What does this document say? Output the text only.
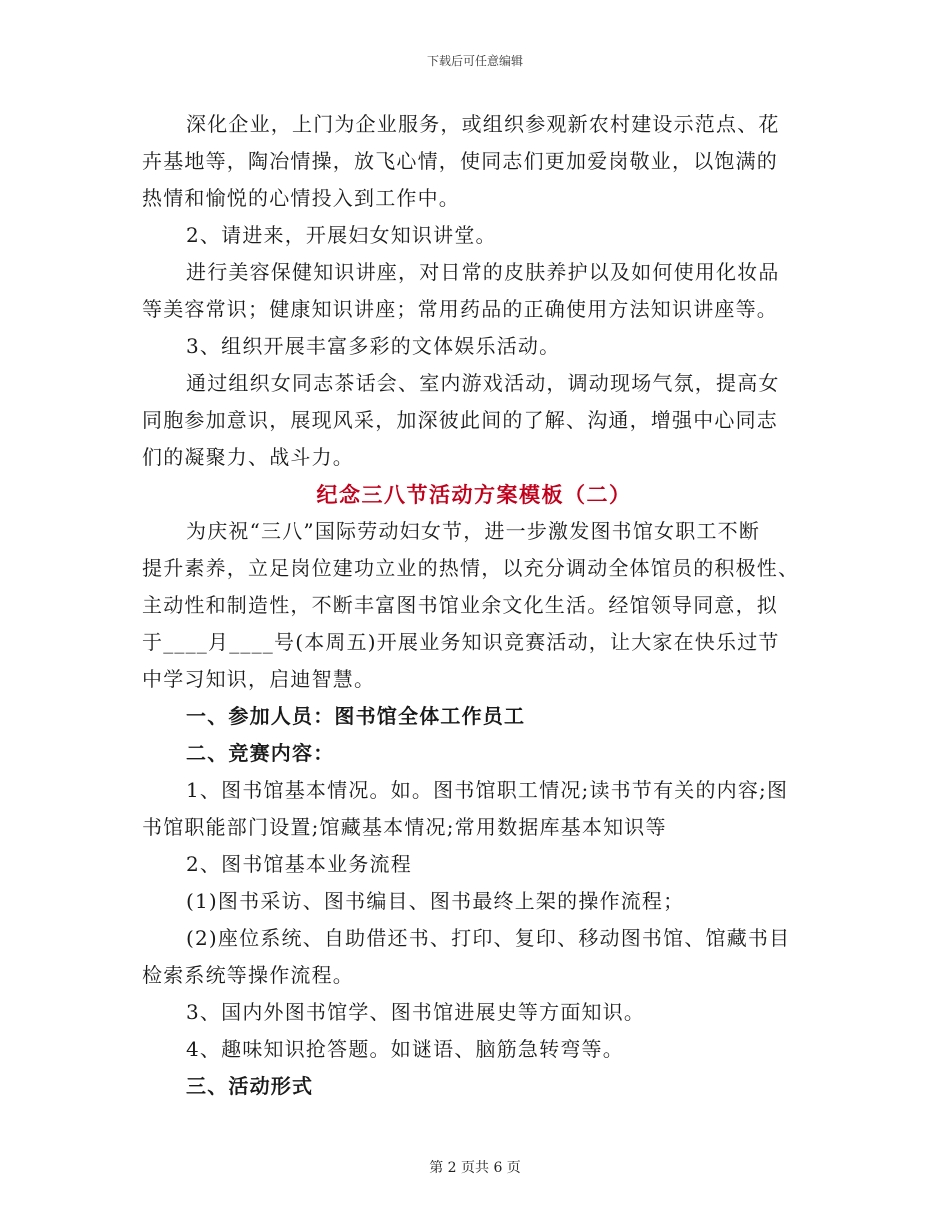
下载后可任意编辑
深化企业，上门为企业服务，或组织参观新农村建设示范点、花
卉基地等，陶冶情操，放飞心情，使同志们更加爱岗敬业，以饱满的
热情和愉悦的心情投入到工作中。
2、请进来，开展妇女知识讲堂。
进行美容保健知识讲座，对日常的皮肤养护以及如何使用化妆品
等美容常识；健康知识讲座；常用药品的正确使用方法知识讲座等。
3、组织开展丰富多彩的文体娱乐活动。
通过组织女同志茶话会、室内游戏活动，调动现场气氛，提高女
同胞参加意识，展现风采，加深彼此间的了解、沟通，增强中心同志
们的凝聚力、战斗力。
纪念三八节活动方案模板（二）
为庆祝“三八”国际劳动妇女节，进一步激发图书馆女职工不断
提升素养，立足岗位建功立业的热情，以充分调动全体馆员的积极性、
主动性和制造性，不断丰富图书馆业余文化生活。经馆领导同意，拟
于____月____号(本周五)开展业务知识竞赛活动，让大家在快乐过节
中学习知识，启迪智慧。
一、参加人员：图书馆全体工作员工
二、竞赛内容：
1、图书馆基本情况。如。图书馆职工情况;读书节有关的内容;图
书馆职能部门设置;馆藏基本情况;常用数据库基本知识等
2、图书馆基本业务流程
(1)图书采访、图书编目、图书最终上架的操作流程；
(2)座位系统、自助借还书、打印、复印、移动图书馆、馆藏书目
检索系统等操作流程。
3、国内外图书馆学、图书馆进展史等方面知识。
4、趣味知识抢答题。如谜语、脑筋急转弯等。
三、活动形式
第 2 页共 6 页
